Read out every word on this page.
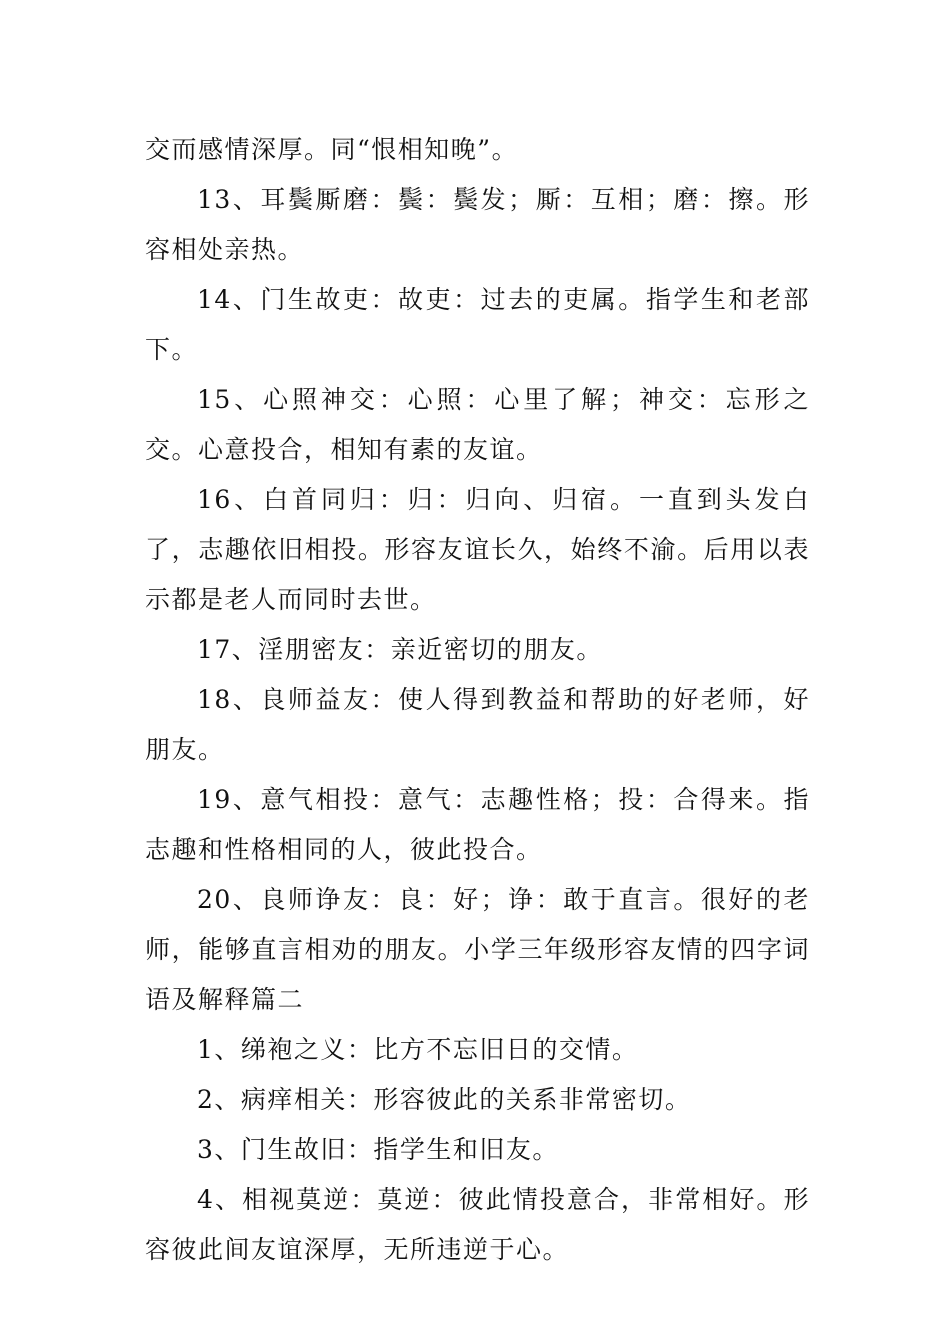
交而感情深厚。同“恨相知晚”。

13、耳鬓厮磨：鬓：鬓发；厮：互相；磨：擦。形容相处亲热。

14、门生故吏：故吏：过去的吏属。指学生和老部下。

15、心照神交：心照：心里了解；神交：忘形之交。心意投合，相知有素的友谊。

16、白首同归：归：归向、归宿。一直到头发白了，志趣依旧相投。形容友谊长久，始终不渝。后用以表示都是老人而同时去世。

17、淫朋密友：亲近密切的朋友。

18、良师益友：使人得到教益和帮助的好老师，好朋友。

19、意气相投：意气：志趣性格；投：合得来。指志趣和性格相同的人，彼此投合。

20、良师诤友：良：好；诤：敢于直言。很好的老师，能够直言相劝的朋友。小学三年级形容友情的四字词语及解释篇二

1、绨袍之义：比方不忘旧日的交情。

2、病痒相关：形容彼此的关系非常密切。

3、门生故旧：指学生和旧友。

4、相视莫逆：莫逆：彼此情投意合，非常相好。形容彼此间友谊深厚，无所违逆于心。
